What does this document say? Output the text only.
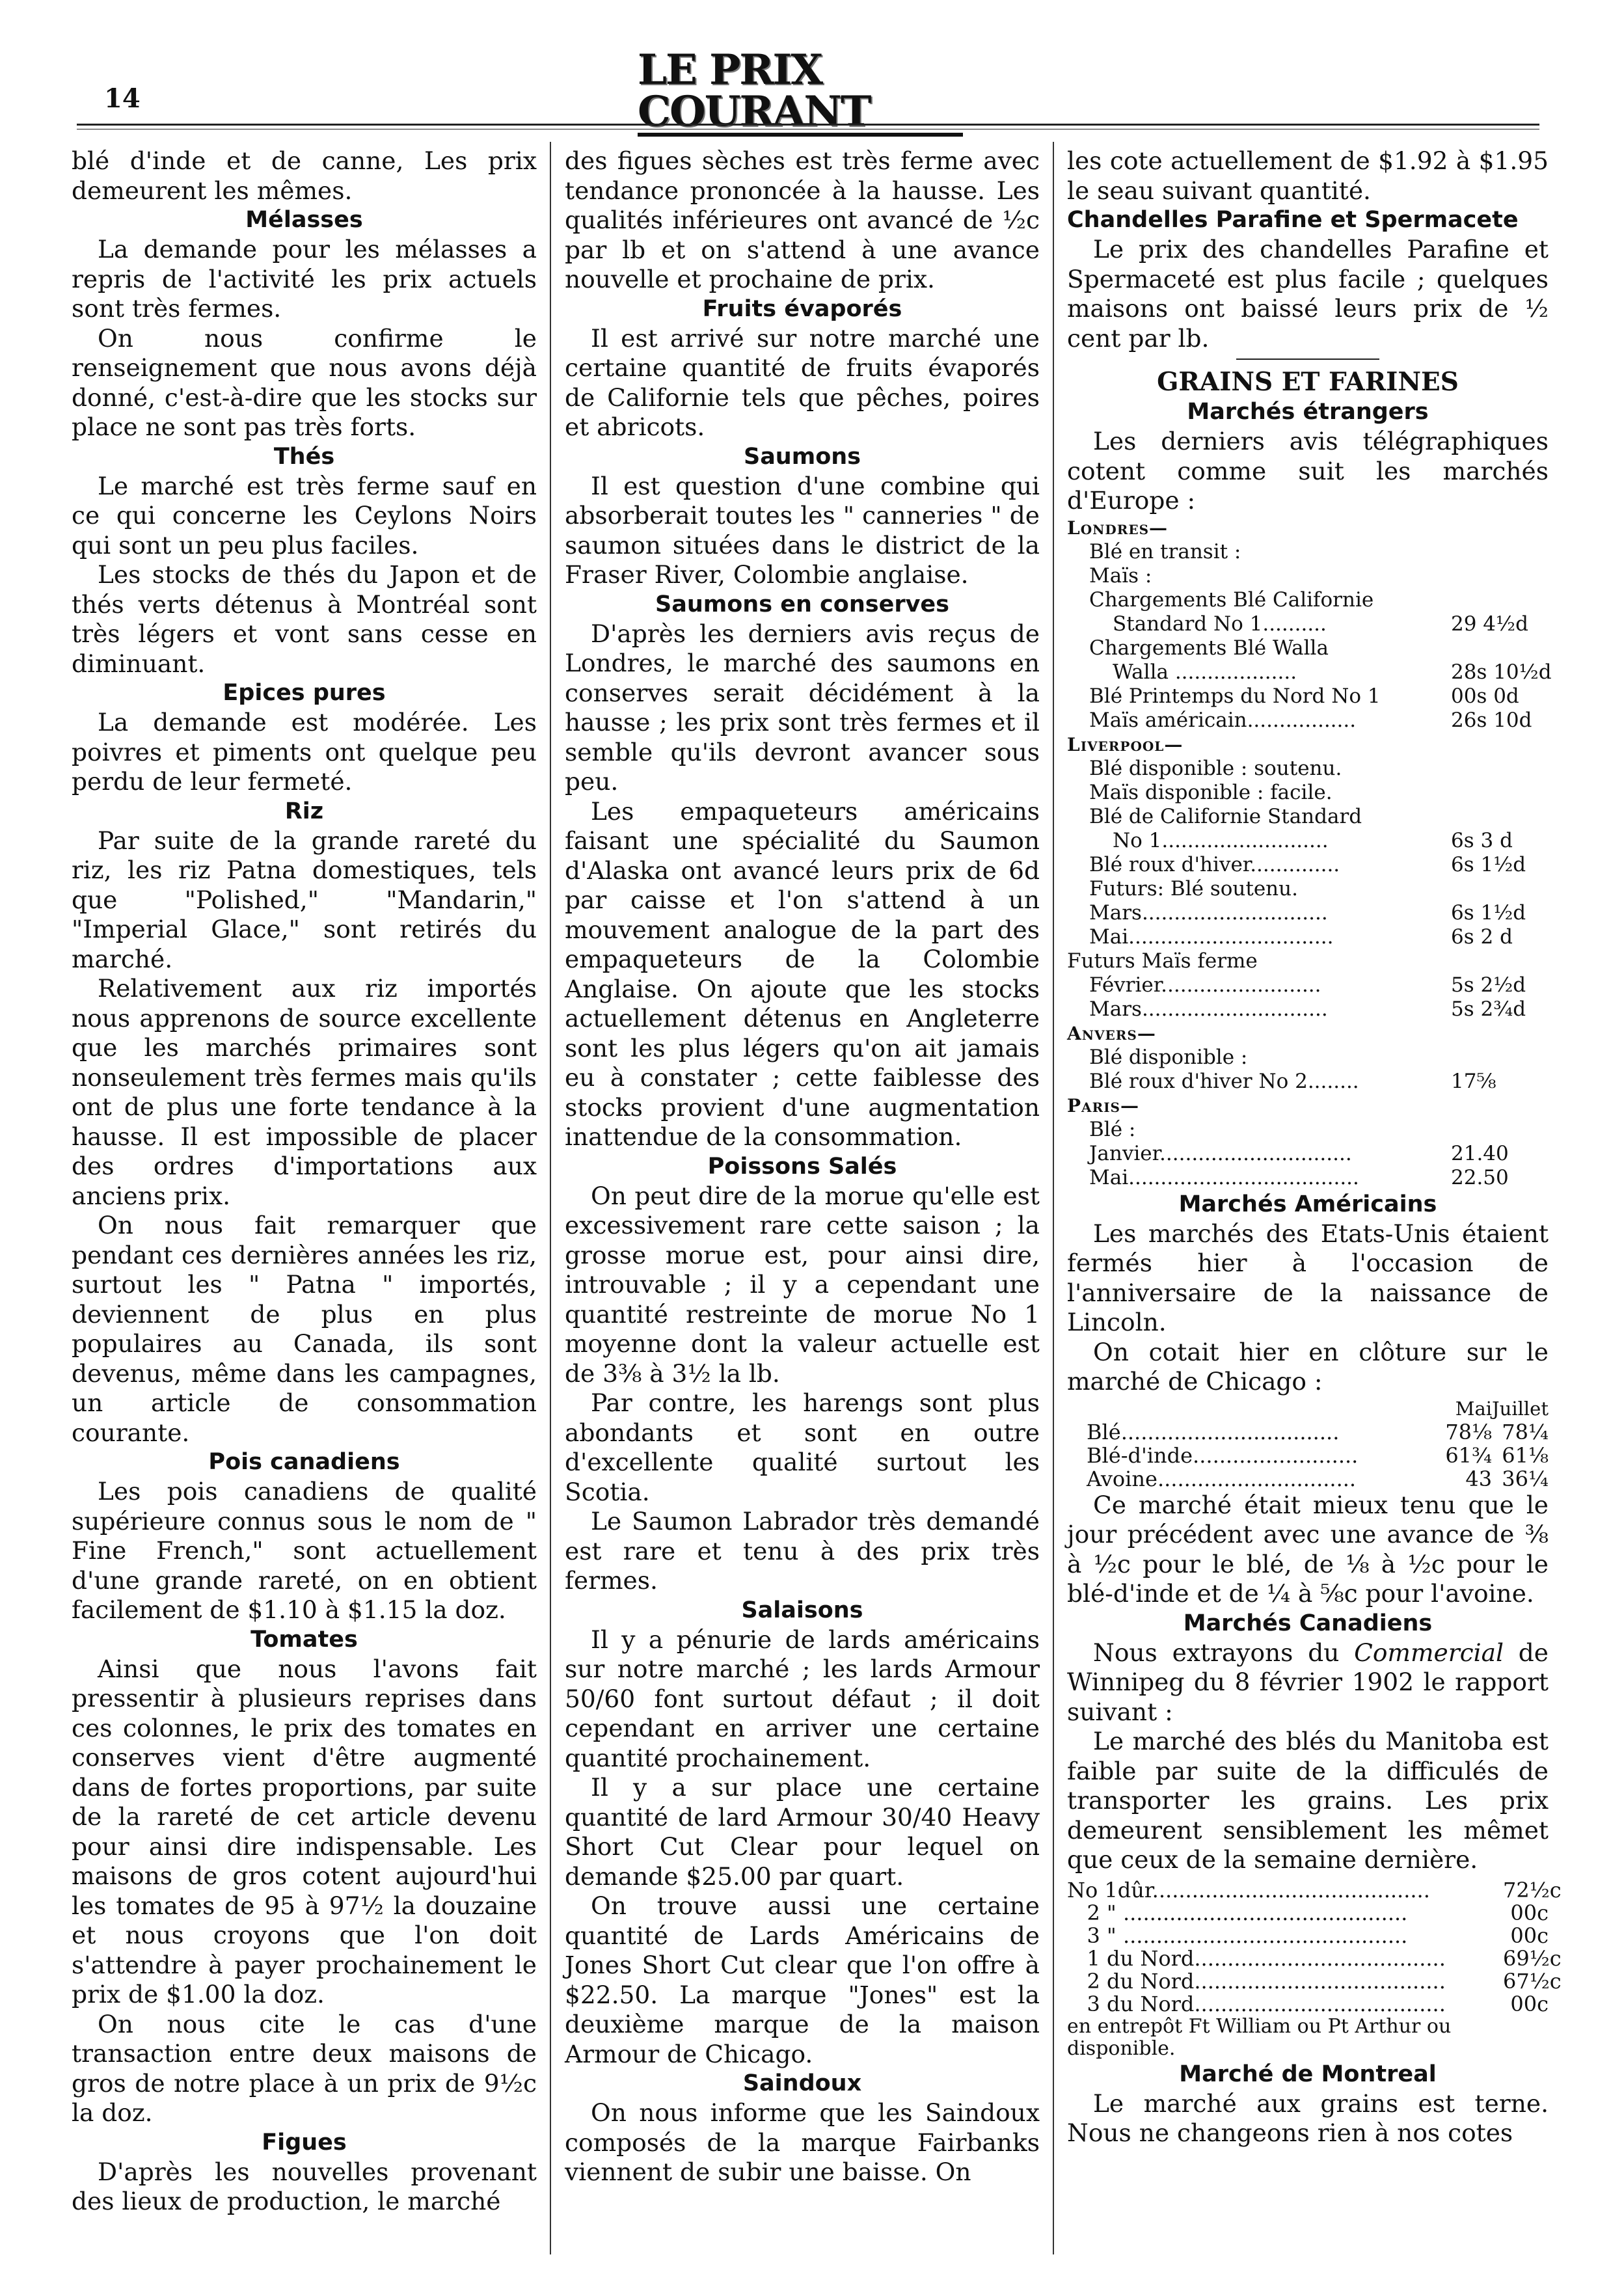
14
LE PRIX COURANT

blé d'inde et de canne, Les prix demeurent les mêmes.

Mélasses

La demande pour les mélasses a repris de l'activité les prix actuels sont très fermes.

On nous confirme le renseignement que nous avons déjà donné, c'est-à-dire que les stocks sur place ne sont pas très forts.

Thés

Le marché est très ferme sauf en ce qui concerne les Ceylons Noirs qui sont un peu plus faciles.

Les stocks de thés du Japon et de thés verts détenus à Montréal sont très légers et vont sans cesse en diminuant.

Epices pures

La demande est modérée. Les poivres et piments ont quelque peu perdu de leur fermeté.

Riz

Par suite de la grande rareté du riz, les riz Patna domestiques, tels que "Polished," "Mandarin," "Imperial Glace," sont retirés du marché.

Relativement aux riz importés nous apprenons de source excellente que les marchés primaires sont nonseulement très fermes mais qu'ils ont de plus une forte tendance à la hausse. Il est impossible de placer des ordres d'importations aux anciens prix.

On nous fait remarquer que pendant ces dernières années les riz, surtout les " Patna " importés, deviennent de plus en plus populaires au Canada, ils sont devenus, même dans les campagnes, un article de consommation courante.

Pois canadiens

Les pois canadiens de qualité supérieure connus sous le nom de " Fine French," sont actuellement d'une grande rareté, on en obtient facilement de $1.10 à $1.15 la doz.

Tomates

Ainsi que nous l'avons fait pressentir à plusieurs reprises dans ces colonnes, le prix des tomates en conserves vient d'être augmenté dans de fortes proportions, par suite de la rareté de cet article devenu pour ainsi dire indispensable. Les maisons de gros cotent aujourd'hui les tomates de 95 à 97½ la douzaine et nous croyons que l'on doit s'attendre à payer prochainement le prix de $1.00 la doz.

On nous cite le cas d'une transaction entre deux maisons de gros de notre place à un prix de 9½c la doz.

Figues

D'après les nouvelles provenant des lieux de production, le marché

des figues sèches est très ferme avec tendance prononcée à la hausse. Les qualités inférieures ont avancé de ½c par lb et on s'attend à une avance nouvelle et prochaine de prix.

Fruits évaporés

Il est arrivé sur notre marché une certaine quantité de fruits évaporés de Californie tels que pêches, poires et abricots.

Saumons

Il est question d'une combine qui absorberait toutes les " canneries " de saumon situées dans le district de la Fraser River, Colombie anglaise.

Saumons en conserves

D'après les derniers avis reçus de Londres, le marché des saumons en conserves serait décidément à la hausse ; les prix sont très fermes et il semble qu'ils devront avancer sous peu.

Les empaqueteurs américains faisant une spécialité du Saumon d'Alaska ont avancé leurs prix de 6d par caisse et l'on s'attend à un mouvement analogue de la part des empaqueteurs de la Colombie Anglaise. On ajoute que les stocks actuellement détenus en Angleterre sont les plus légers qu'on ait jamais eu à constater ; cette faiblesse des stocks provient d'une augmentation inattendue de la consommation.

Poissons Salés

On peut dire de la morue qu'elle est excessivement rare cette saison ; la grosse morue est, pour ainsi dire, introuvable ; il y a cependant une quantité restreinte de morue No 1 moyenne dont la valeur actuelle est de 3⅜ à 3½ la lb.

Par contre, les harengs sont plus abondants et sont en outre d'excellente qualité surtout les Scotia.

Le Saumon Labrador très demandé est rare et tenu à des prix très fermes.

Salaisons

Il y a pénurie de lards américains sur notre marché ; les lards Armour 50/60 font surtout défaut ; il doit cependant en arriver une certaine quantité prochainement.

Il y a sur place une certaine quantité de lard Armour 30/40 Heavy Short Cut Clear pour lequel on demande $25.00 par quart.

On trouve aussi une certaine quantité de Lards Américains de Jones Short Cut clear que l'on offre à $22.50. La marque "Jones" est la deuxième marque de la maison Armour de Chicago.

Saindoux

On nous informe que les Saindoux composés de la marque Fairbanks viennent de subir une baisse. On

les cote actuellement de $1.92 à $1.95 le seau suivant quantité.

Chandelles Parafine et Spermacete

Le prix des chandelles Parafine et Spermaceté est plus facile ; quelques maisons ont baissé leurs prix de ½ cent par lb.

GRAINS ET FARINES
Marchés étrangers

Les derniers avis télégraphiques cotent comme suit les marchés d'Europe :

Londres—
Blé en transit :
Maïs :
Chargements Blé Californie
Standard No 1..........	29 4½d
Chargements Blé Walla
Walla ...................	28s 10½d
Blé Printemps du Nord No 1	00s 0d
Maïs américain.................	26s 10d
Liverpool—
Blé disponible : soutenu.
Maïs disponible : facile.
Blé de Californie Standard
No 1..........................	6s 3 d
Blé roux d'hiver..............	6s 1½d
Futurs: Blé soutenu.
Mars.............................	6s 1½d
Mai................................	6s 2 d
Futurs Maïs ferme
Février.........................	5s 2½d
Mars.............................	5s 2¾d
Anvers—
Blé disponible :
Blé roux d'hiver No 2........	17⅝
Paris—
Blé :
Janvier..............................	21.40
Mai....................................	22.50
Marchés Américains

Les marchés des Etats-Unis étaient fermés hier à l'occasion de l'anniversaire de la naissance de Lincoln.

On cotait hier en clôture sur le marché de Chicago :

	Mai	Juillet
Blé.................................	78⅛	78¼
Blé-d'inde.........................	61¾	61⅛
Avoine..............................	43	36¼

Ce marché était mieux tenu que le jour précédent avec une avance de ⅜ à ½c pour le blé, de ⅛ à ½c pour le blé-d'inde et de ¼ à ⅝c pour l'avoine.

Marchés Canadiens

Nous extrayons du Commercial de Winnipeg du 8 février 1902 le rapport suivant :

Le marché des blés du Manitoba est faible par suite de la difficulés de transporter les grains. Les prix demeurent sensiblement les mêmet que ceux de la semaine dernière.

No 1dûr..........................................	72½c
2 " ...........................................	00c
3 " ...........................................	00c
1 du Nord......................................	69½c
2 du Nord......................................	67½c
3 du Nord......................................	00c
en entrepôt Ft William ou Pt Arthur ou disponible.
Marché de Montreal

Le marché aux grains est terne. Nous ne changeons rien à nos cotes
